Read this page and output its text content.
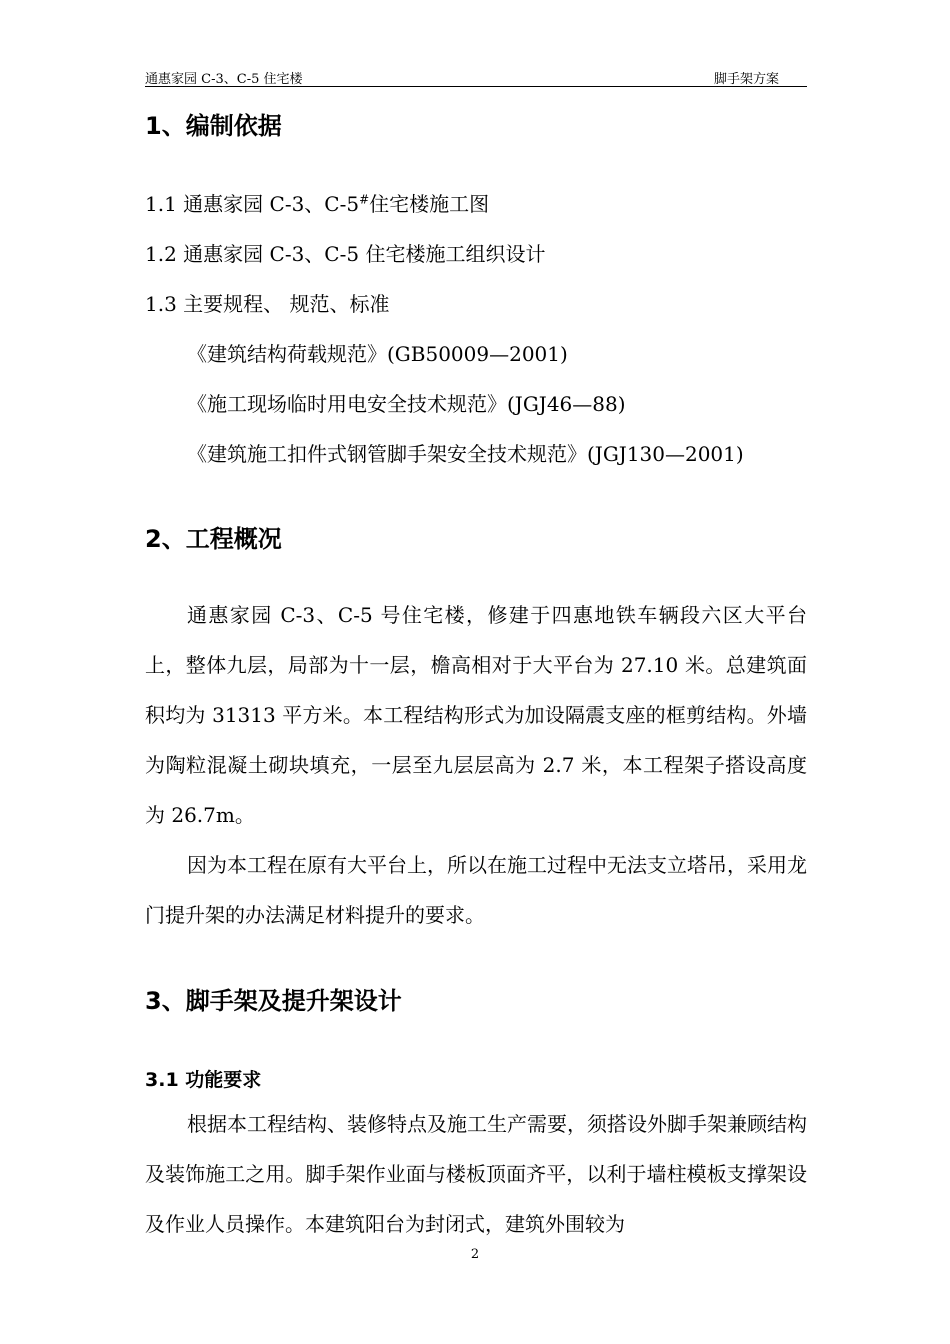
通惠家园 C-3、C-5 住宅楼	脚手架方案
1、编制依据
1.1 通惠家园 C-3、C-5#住宅楼施工图
1.2 通惠家园 C-3、C-5 住宅楼施工组织设计
1.3 主要规程、 规范、标准
《建筑结构荷载规范》(GB50009—2001)
《施工现场临时用电安全技术规范》(JGJ46—88)
《建筑施工扣件式钢管脚手架安全技术规范》(JGJ130—2001)
2、工程概况
通惠家园 C-3、C-5 号住宅楼，修建于四惠地铁车辆段六区大平台上，整体九层，局部为十一层，檐高相对于大平台为 27.10 米。总建筑面积均为 31313 平方米。本工程结构形式为加设隔震支座的框剪结构。外墙为陶粒混凝土砌块填充，一层至九层层高为 2.7 米，本工程架子搭设高度为 26.7m。
因为本工程在原有大平台上，所以在施工过程中无法支立塔吊，采用龙门提升架的办法满足材料提升的要求。
3、脚手架及提升架设计
3.1 功能要求
根据本工程结构、装修特点及施工生产需要，须搭设外脚手架兼顾结构及装饰施工之用。脚手架作业面与楼板顶面齐平，以利于墙柱模板支撑架设及作业人员操作。本建筑阳台为封闭式，建筑外围较为
2
